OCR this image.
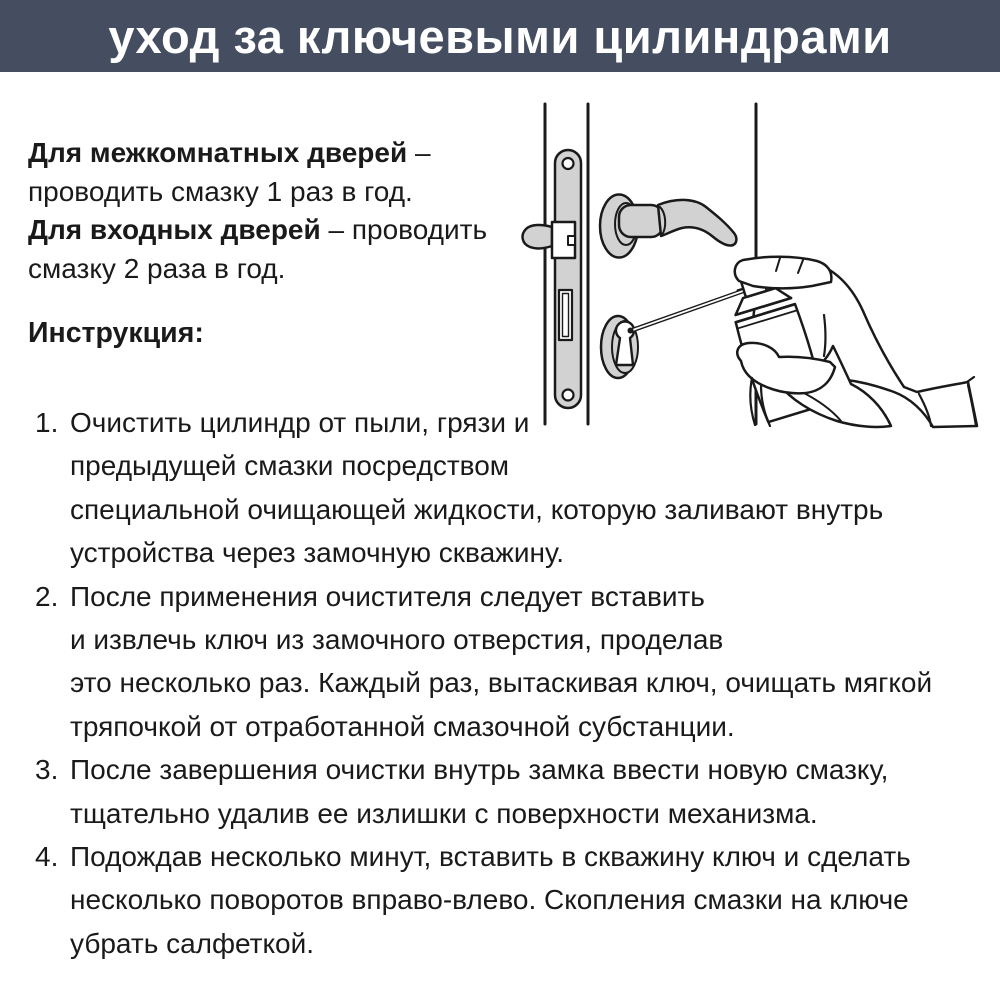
уход за ключевыми цилиндрами
Для межкомнатных дверей –
проводить смазку 1 раз в год.
Для входных дверей – проводить
смазку 2 раза в год.
Инструкция:
1. Очистить цилиндр от пыли, грязи и
предыдущей смазки посредством
специальной очищающей жидкости, которую заливают внутрь
устройства через замочную скважину.
2. После применения очистителя следует вставить
и извлечь ключ из замочного отверстия, проделав
это несколько раз. Каждый раз, вытаскивая ключ, очищать мягкой
тряпочкой от отработанной смазочной субстанции.
3. После завершения очистки внутрь замка ввести новую смазку,
тщательно удалив ее излишки с поверхности механизма.
4. Подождав несколько минут, вставить в скважину ключ и сделать
несколько поворотов вправо-влево. Скопления смазки на ключе
убрать салфеткой.
